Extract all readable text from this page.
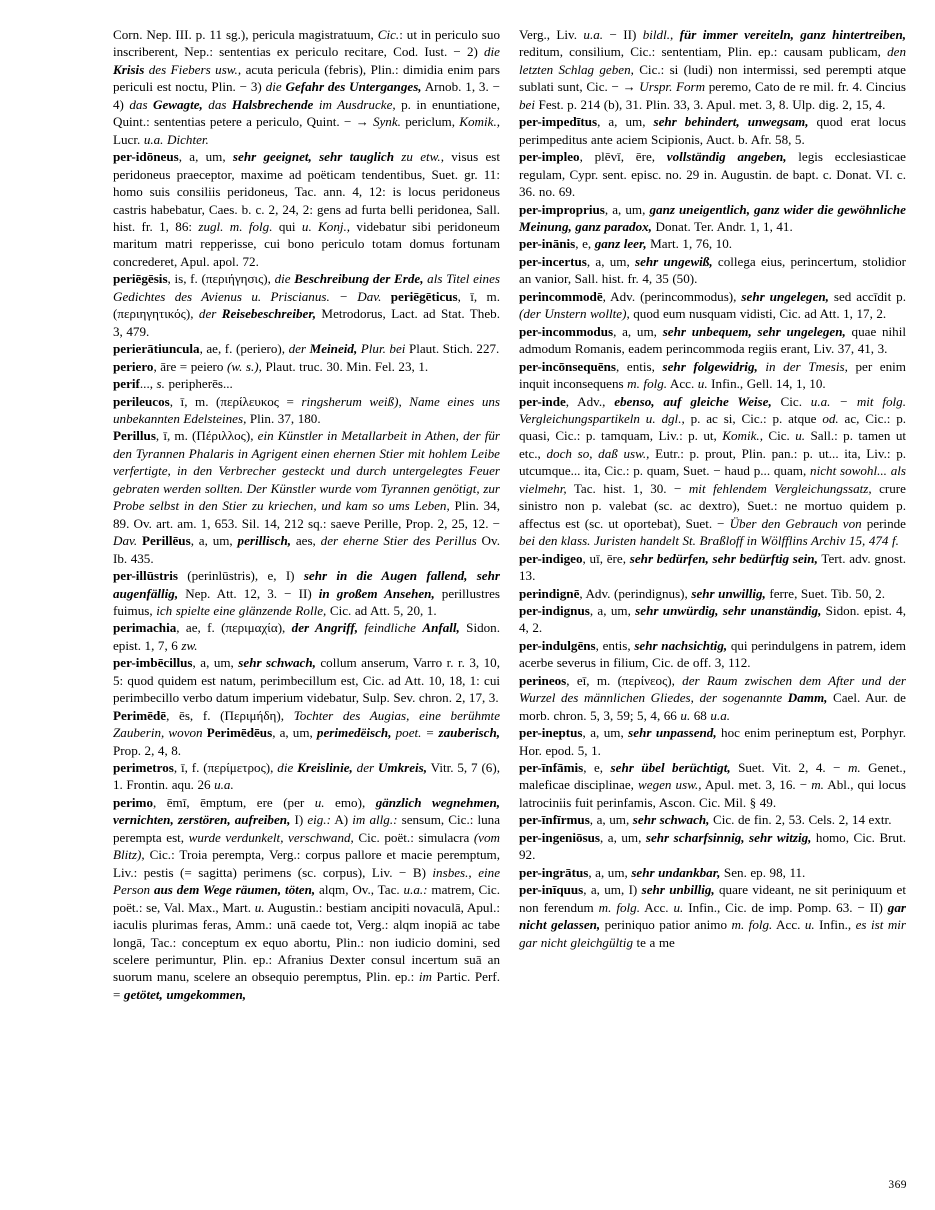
Corn. Nep. III. p. 11 sg.), pericula magistratuum, Cic.: ut in periculo suo inscriberent, Nep.: sententias ex periculo recitare, Cod. Iust. − 2) die Krisis des Fiebers usw., acuta pericula (febris), Plin.: dimidia enim pars periculi est noctu, Plin. − 3) die Gefahr des Unterganges, Arnob. 1, 3. − 4) das Gewagte, das Halsbrechende im Ausdrucke, p. in enuntiatione, Quint.: sententias petere a periculo, Quint. − → Synk. periclum, Komik., Lucr. u.a. Dichter.

per-idōneus, a, um, sehr geeignet, sehr tauglich zu etw., visus est peridoneus praeceptor, maxime ad poëticam tendentibus, Suet. gr. 11: homo suis consiliis peridoneus, Tac. ann. 4, 12: is locus peridoneus castris habebatur, Caes. b. c. 2, 24, 2: gens ad furta belli peridonea, Sall. hist. fr. 1, 86: zugl. m. folg. qui u. Konj., videbatur sibi peridoneum maritum matri repperisse, cui bono periculo totam domus fortunam concrederet, Apul. apol. 72.

periēgēsis, is, f. (περιήγησις), die Beschreibung der Erde, als Titel eines Gedichtes des Avienus u. Priscianus. − Dav. periēgēticus, ī, m. (περιηγητικός), der Reisebeschreiber, Metrodorus, Lact. ad Stat. Theb. 3, 479.

perierātiuncula, ae, f. (periero), der Meineid, Plur. bei Plaut. Stich. 227.

periero, āre = peiero (w. s.), Plaut. truc. 30. Min. Fel. 23, 1.

perif..., s. peripherēs...

perileucos, ī, m. (περίλευκος = ringsherum weiß), Name eines uns unbekannten Edelsteines, Plin. 37, 180.

Perillus, ī, m. (Πέριλλος), ein Künstler in Metallarbeit in Athen, der für den Tyrannen Phalaris in Agrigent einen ehernen Stier mit hohlem Leibe verfertigte, in den Verbrecher gesteckt und durch untergelegtes Feuer gebraten werden sollten. Der Künstler wurde vom Tyrannen genötigt, zur Probe selbst in den Stier zu kriechen, und kam so ums Leben, Plin. 34, 89. Ov. art. am. 1, 653. Sil. 14, 212 sq.: saeve Perille, Prop. 2, 25, 12. − Dav. Perillēus, a, um, perillisch, aes, der eherne Stier des Perillus Ov. Ib. 435.

per-illūstris (perinlūstris), e, I) sehr in die Augen fallend, sehr augenfällig, Nep. Att. 12, 3. − II) in großem Ansehen, perillustres fuimus, ich spielte eine glänzende Rolle, Cic. ad Att. 5, 20, 1.

perimachia, ae, f. (περιμαχία), der Angriff, feindliche Anfall, Sidon. epist. 1, 7, 6 zw.

per-imbēcillus, a, um, sehr schwach, collum anserum, Varro r. r. 3, 10, 5: quod quidem est natum, perimbecillum est, Cic. ad Att. 10, 18, 1: cui perimbecillo verbo datum imperium videbatur, Sulp. Sev. chron. 2, 17, 3.

Perimēdē, ēs, f. (Περιμήδη), Tochter des Augias, eine berühmte Zauberin, wovon Perimēdēus, a, um, perimedëisch, poet. = zauberisch, Prop. 2, 4, 8.

perimetros, ī, f. (περίμετρος), die Kreislinie, der Umkreis, Vitr. 5, 7 (6), 1. Frontin. aqu. 26 u.a.

perimo, ēmī, ēmptum, ere (per u. emo), gänzlich wegnehmen, vernichten, zerstören, aufreiben, I) eig.: A) im allg.: sensum, Cic.: luna perempta est, wurde verdunkelt, verschwand, Cic. poët.: simulacra (vom Blitz), Cic.: Troia perempta, Verg.: corpus pallore et macie peremptum, Liv.: pestis (= sagitta) perimens (sc. corpus), Liv. − B) insbes., eine Person aus dem Wege räumen, töten, alqm, Ov., Tac. u.a.: matrem, Cic. poët.: se, Val. Max., Mart. u. Augustin.: bestiam ancipiti novaculā, Apul.: iaculis plurimas feras, Amm.: unā caede tot, Verg.: alqm inopiā ac tabe longā, Tac.: conceptum ex equo abortu, Plin.: non iudicio domini, sed scelere perimuntur, Plin. ep.: Afranius Dexter consul incertum suā an suorum manu, scelere an obsequio peremptus, Plin. ep.: im Partic. Perf. = getötet, umgekommen,

Verg., Liv. u.a. − II) bildl., für immer vereiteln, ganz hintertreiben, reditum, consilium, Cic.: sententiam, Plin. ep.: causam publicam, den letzten Schlag geben, Cic.: si (ludi) non intermissi, sed perempti atque sublati sunt, Cic. − → Urspr. Form peremo, Cato de re mil. fr. 4. Cincius bei Fest. p. 214 (b), 31. Plin. 33, 3. Apul. met. 3, 8. Ulp. dig. 2, 15, 4.

per-impedītus, a, um, sehr behindert, unwegsam, quod erat locus perimpeditus ante aciem Scipionis, Auct. b. Afr. 58, 5.

per-impleo, plēvī, ēre, vollständig angeben, legis ecclesiasticae regulam, Cypr. sent. episc. no. 29 in. Augustin. de bapt. c. Donat. VI. c. 36. no. 69.

per-improprius, a, um, ganz uneigentlich, ganz wider die gewöhnliche Meinung, ganz paradox, Donat. Ter. Andr. 1, 1, 41.

per-inānis, e, ganz leer, Mart. 1, 76, 10.

per-incertus, a, um, sehr ungewiß, collega eius, perincertum, stolidior an vanior, Sall. hist. fr. 4, 35 (50).

perincommodē, Adv. (perincommodus), sehr ungelegen, sed accīdit p. (der Unstern wollte), quod eum nusquam vidisti, Cic. ad Att. 1, 17, 2.

per-incommodus, a, um, sehr unbequem, sehr ungelegen, quae nihil admodum Romanis, eadem perincommoda regiis erant, Liv. 37, 41, 3.

per-incōnsequēns, entis, sehr folgewidrig, in der Tmesis, per enim inquit inconsequens m. folg. Acc. u. Infin., Gell. 14, 1, 10.

per-inde, Adv., ebenso, auf gleiche Weise, Cic. u.a. − mit folg. Vergleichungspartikeln u. dgl., p. ac si, Cic.: p. atque od. ac, Cic.: p. quasi, Cic.: p. tamquam, Liv.: p. ut, Komik., Cic. u. Sall.: p. tamen ut etc., doch so, daß usw., Eutr.: p. prout, Plin. pan.: p. ut... ita, Liv.: p. utcumque... ita, Cic.: p. quam, Suet. − haud p... quam, nicht sowohl... als vielmehr, Tac. hist. 1, 30. − mit fehlendem Vergleichungssatz, crure sinistro non p. valebat (sc. ac dextro), Suet.: ne mortuo quidem p. affectus est (sc. ut oportebat), Suet. − Über den Gebrauch von perinde bei den klass. Juristen handelt St. Braßloff in Wölfflins Archiv 15, 474 f.

per-indigeo, uī, ēre, sehr bedürfen, sehr bedürftig sein, Tert. adv. gnost. 13.

perindignē, Adv. (perindignus), sehr unwillig, ferre, Suet. Tib. 50, 2.

per-indignus, a, um, sehr unwürdig, sehr unanständig, Sidon. epist. 4, 4, 2.

per-indulgēns, entis, sehr nachsichtig, qui perindulgens in patrem, idem acerbe severus in filium, Cic. de off. 3, 112.

perineos, eī, m. (περίνεος), der Raum zwischen dem After und der Wurzel des männlichen Gliedes, der sogenannte Damm, Cael. Aur. de morb. chron. 5, 3, 59; 5, 4, 66 u. 68 u.a.

per-ineptus, a, um, sehr unpassend, hoc enim perineptum est, Porphyr. Hor. epod. 5, 1.

per-īnfāmis, e, sehr übel berüchtigt, Suet. Vit. 2, 4. − m. Genet., maleficae disciplinae, wegen usw., Apul. met. 3, 16. − m. Abl., qui locus latrociniis fuit perinfamis, Ascon. Cic. Mil. § 49.

per-īnfīrmus, a, um, sehr schwach, Cic. de fin. 2, 53. Cels. 2, 14 extr.

per-ingeniōsus, a, um, sehr scharfsinnig, sehr witzig, homo, Cic. Brut. 92.

per-ingrātus, a, um, sehr undankbar, Sen. ep. 98, 11.

per-inīquus, a, um, I) sehr unbillig, quare videant, ne sit periniquum et non ferendum m. folg. Acc. u. Infin., Cic. de imp. Pomp. 63. − II) gar nicht gelassen, periniquo patior animo m. folg. Acc. u. Infin., es ist mir gar nicht gleichgültig te a me

369
